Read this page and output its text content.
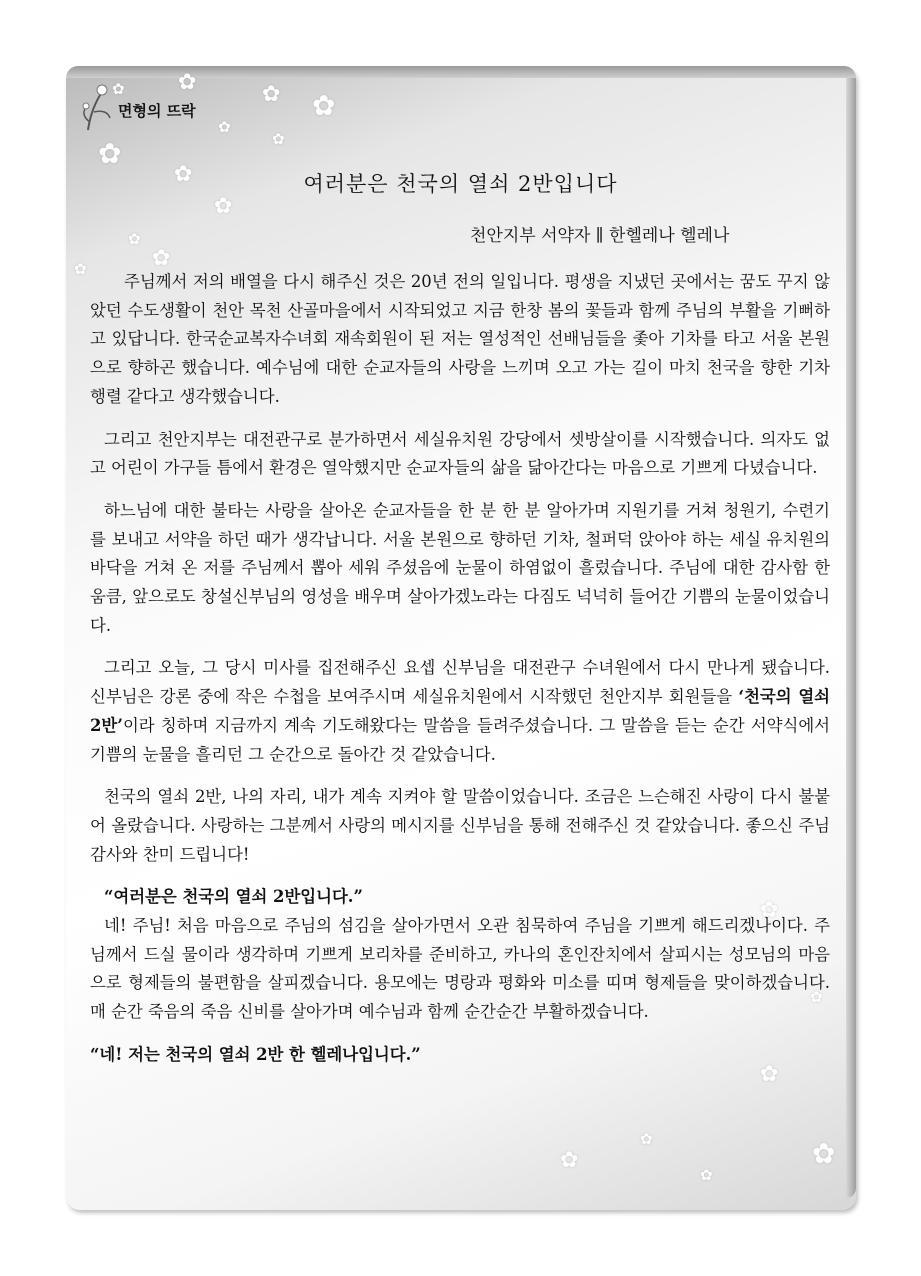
✿
✿
✿
✿ ✿
✿
✿
✿
✿
✿
✿
✿
✿
✿
✿
✿
✿
✿
✿
면형의 뜨락
여러분은 천국의 열쇠 2반입니다
천안지부 서약자 ∥ 한헬레나 헬레나

주님께서 저의 배열을 다시 해주신 것은 20년 전의 일입니다. 평생을 지냈던 곳에서는 꿈도 꾸지 않았던 수도생활이 천안 목천 산골마을에서 시작되었고 지금 한창 봄의 꽃들과 함께 주님의 부활을 기뻐하고 있답니다. 한국순교복자수녀회 재속회원이 된 저는 열성적인 선배님들을 좇아 기차를 타고 서울 본원으로 향하곤 했습니다. 예수님에 대한 순교자들의 사랑을 느끼며 오고 가는 길이 마치 천국을 향한 기차 행렬 같다고 생각했습니다.

그리고 천안지부는 대전관구로 분가하면서 세실유치원 강당에서 셋방살이를 시작했습니다. 의자도 없고 어린이 가구들 틈에서 환경은 열악했지만 순교자들의 삶을 닮아간다는 마음으로 기쁘게 다녔습니다.

하느님에 대한 불타는 사랑을 살아온 순교자들을 한 분 한 분 알아가며 지원기를 거쳐 청원기, 수련기를 보내고 서약을 하던 때가 생각납니다. 서울 본원으로 향하던 기차, 철퍼덕 앉아야 하는 세실 유치원의 바닥을 거쳐 온 저를 주님께서 뽑아 세워 주셨음에 눈물이 하염없이 흘렀습니다. 주님에 대한 감사함 한 움큼, 앞으로도 창설신부님의 영성을 배우며 살아가겠노라는 다짐도 넉넉히 들어간 기쁨의 눈물이었습니다.

그리고 오늘, 그 당시 미사를 집전해주신 요셉 신부님을 대전관구 수녀원에서 다시 만나게 됐습니다. 신부님은 강론 중에 작은 수첩을 보여주시며 세실유치원에서 시작했던 천안지부 회원들을 ‘천국의 열쇠 2반’이라 칭하며 지금까지 계속 기도해왔다는 말씀을 들려주셨습니다. 그 말씀을 듣는 순간 서약식에서 기쁨의 눈물을 흘리던 그 순간으로 돌아간 것 같았습니다.

천국의 열쇠 2반, 나의 자리, 내가 계속 지켜야 할 말씀이었습니다. 조금은 느슨해진 사랑이 다시 불붙어 올랐습니다. 사랑하는 그분께서 사랑의 메시지를 신부님을 통해 전해주신 것 같았습니다. 좋으신 주님 감사와 찬미 드립니다!

“여러분은 천국의 열쇠 2반입니다.”

네! 주님! 처음 마음으로 주님의 섬김을 살아가면서 오관 침묵하여 주님을 기쁘게 해드리겠나이다. 주님께서 드실 물이라 생각하며 기쁘게 보리차를 준비하고, 카나의 혼인잔치에서 살피시는 성모님의 마음으로 형제들의 불편함을 살피겠습니다. 용모에는 명랑과 평화와 미소를 띠며 형제들을 맞이하겠습니다. 매 순간 죽음의 죽음 신비를 살아가며 예수님과 함께 순간순간 부활하겠습니다.

“네! 저는 천국의 열쇠 2반 한 헬레나입니다.”
